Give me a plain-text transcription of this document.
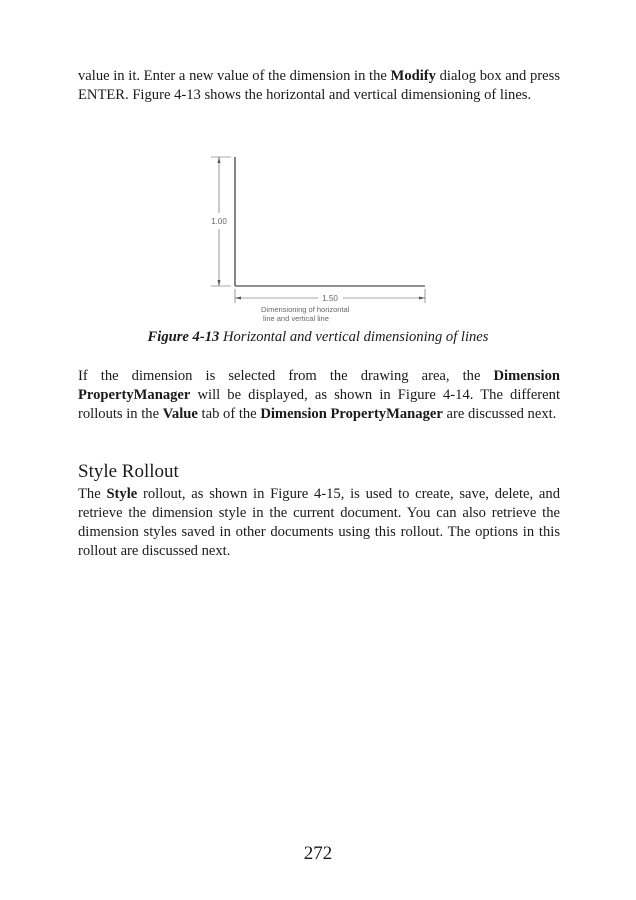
value in it. Enter a new value of the dimension in the Modify dialog box and press ENTER. Figure 4-13 shows the horizontal and vertical dimensioning of lines.

1.00
1.50
Dimensioning of horizontal
line and vertical line
Figure 4-13 Horizontal and vertical dimensioning of lines

If the dimension is selected from the drawing area, the Dimension PropertyManager will be displayed, as shown in Figure 4-14. The different rollouts in the Value tab of the Dimension PropertyManager are discussed next.

Style Rollout

The Style rollout, as shown in Figure 4-15, is used to create, save, delete, and retrieve the dimension style in the current document. You can also retrieve the dimension styles saved in other documents using this rollout. The options in this rollout are discussed next.

272
